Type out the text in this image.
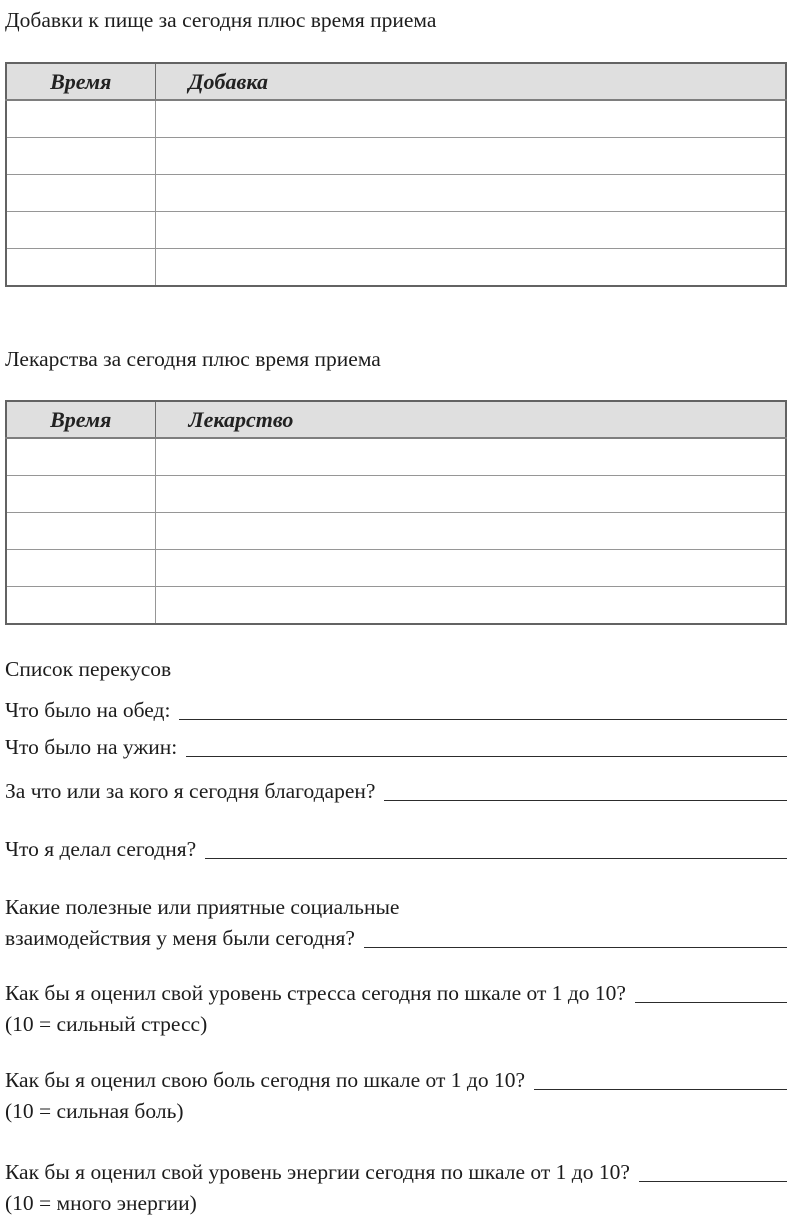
Добавки к пище за сегодня плюс время приема
Время	Добавка

Лекарства за сегодня плюс время приема
Время	Лекарство

Список перекусов
Что было на обед:
Что было на ужин:
За что или за кого я сегодня благодарен?
Что я делал сегодня?
Какие полезные или приятные социальные
взаимодействия у меня были сегодня?
Как бы я оценил свой уровень стресса сегодня по шкале от 1 до 10?
(10 = сильный стресс)
Как бы я оценил свою боль сегодня по шкале от 1 до 10?
(10 = сильная боль)
Как бы я оценил свой уровень энергии сегодня по шкале от 1 до 10?
(10 = много энергии)
